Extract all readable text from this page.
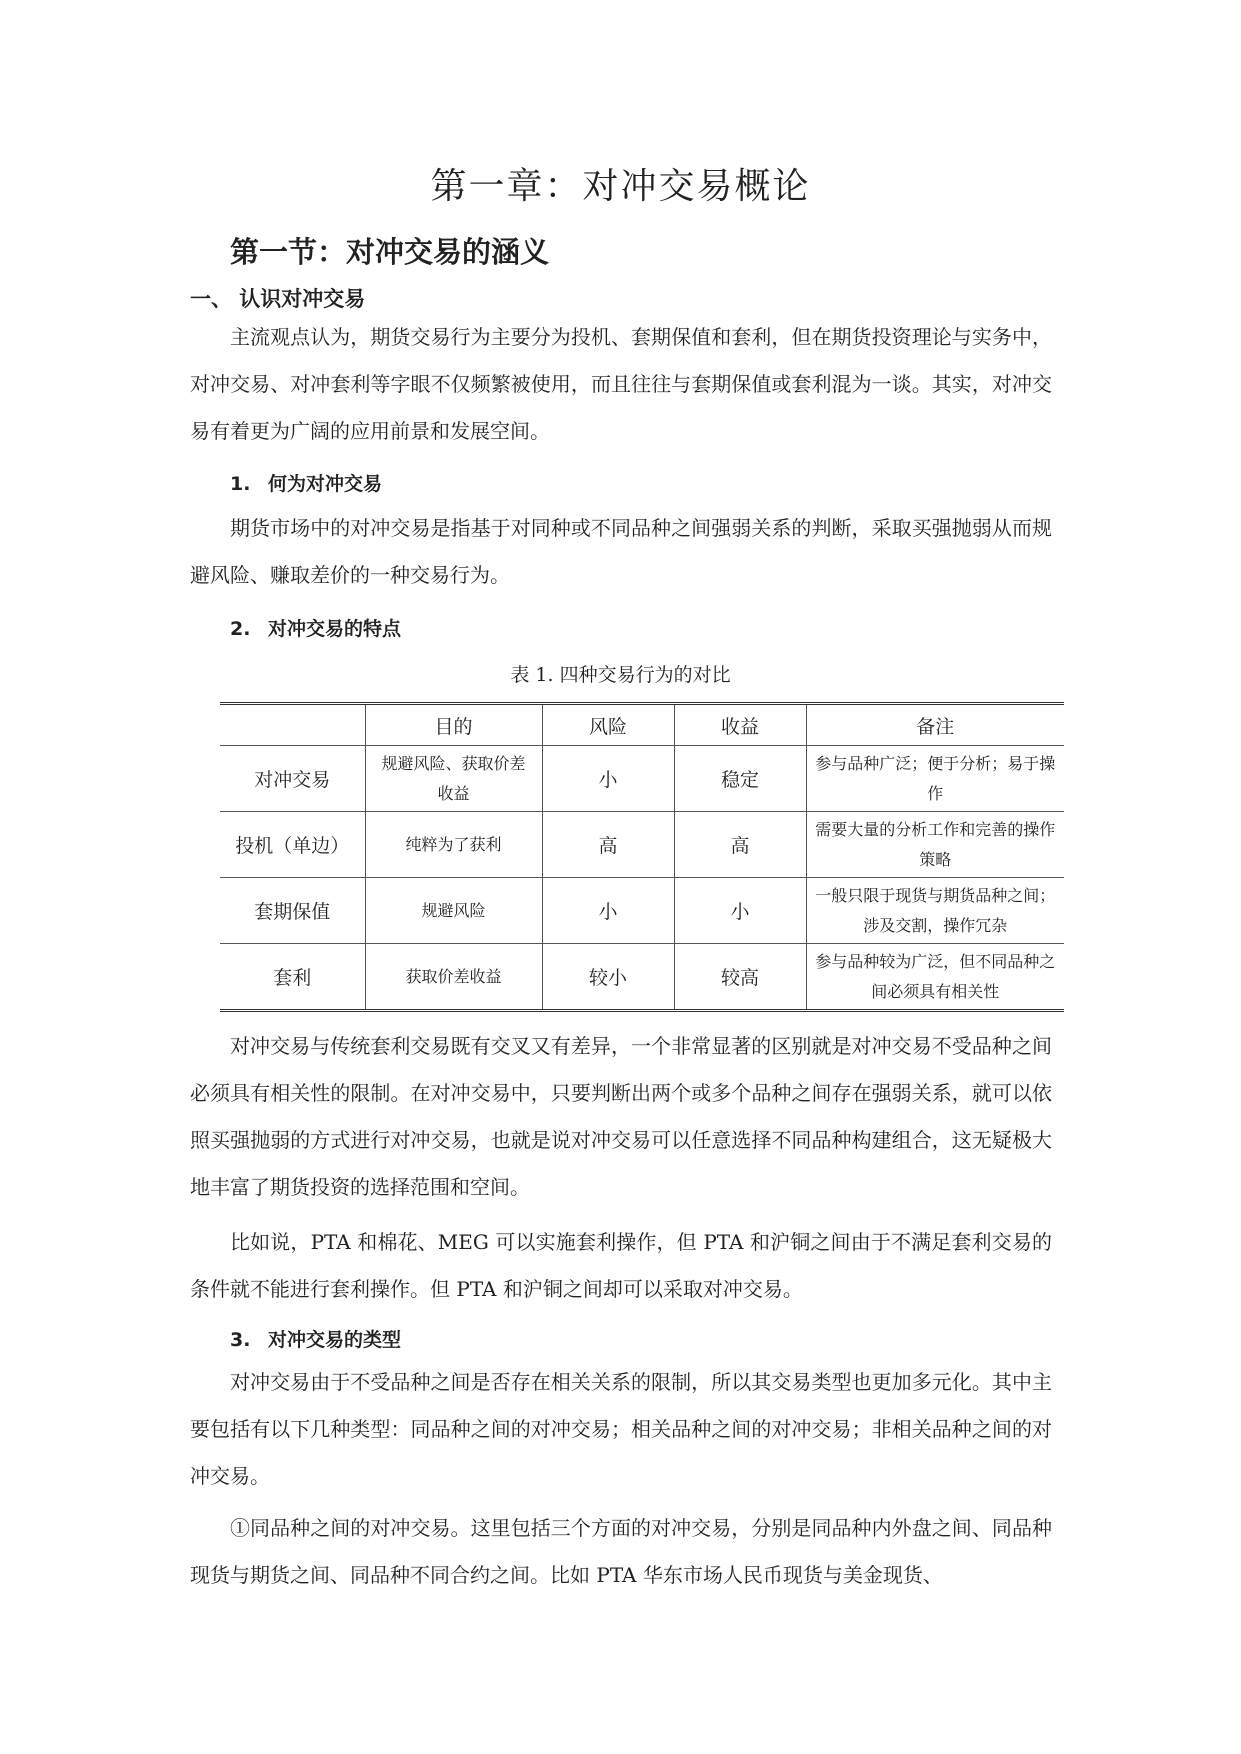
第一章：对冲交易概论
第一节：对冲交易的涵义
一、 认识对冲交易

主流观点认为，期货交易行为主要分为投机、套期保值和套利，但在期货投资理论与实务中，对冲交易、对冲套利等字眼不仅频繁被使用，而且往往与套期保值或套利混为一谈。其实，对冲交易有着更为广阔的应用前景和发展空间。

1. 何为对冲交易

期货市场中的对冲交易是指基于对同种或不同品种之间强弱关系的判断，采取买强抛弱从而规避风险、赚取差价的一种交易行为。

2. 对冲交易的特点

表 1. 四种交易行为的对比

	目的	风险	收益	备注
对冲交易	规避风险、获取价差收益	小	稳定	参与品种广泛；便于分析；易于操作
投机（单边）	纯粹为了获利	高	高	需要大量的分析工作和完善的操作策略
套期保值	规避风险	小	小	一般只限于现货与期货品种之间；涉及交割，操作冗杂
套利	获取价差收益	较小	较高	参与品种较为广泛，但不同品种之间必须具有相关性

对冲交易与传统套利交易既有交叉又有差异，一个非常显著的区别就是对冲交易不受品种之间必须具有相关性的限制。在对冲交易中，只要判断出两个或多个品种之间存在强弱关系，就可以依照买强抛弱的方式进行对冲交易，也就是说对冲交易可以任意选择不同品种构建组合，这无疑极大地丰富了期货投资的选择范围和空间。

比如说，PTA 和棉花、MEG 可以实施套利操作，但 PTA 和沪铜之间由于不满足套利交易的条件就不能进行套利操作。但 PTA 和沪铜之间却可以采取对冲交易。

3. 对冲交易的类型

对冲交易由于不受品种之间是否存在相关关系的限制，所以其交易类型也更加多元化。其中主要包括有以下几种类型：同品种之间的对冲交易；相关品种之间的对冲交易；非相关品种之间的对冲交易。

①同品种之间的对冲交易。这里包括三个方面的对冲交易，分别是同品种内外盘之间、同品种现货与期货之间、同品种不同合约之间。比如 PTA 华东市场人民币现货与美金现货、
